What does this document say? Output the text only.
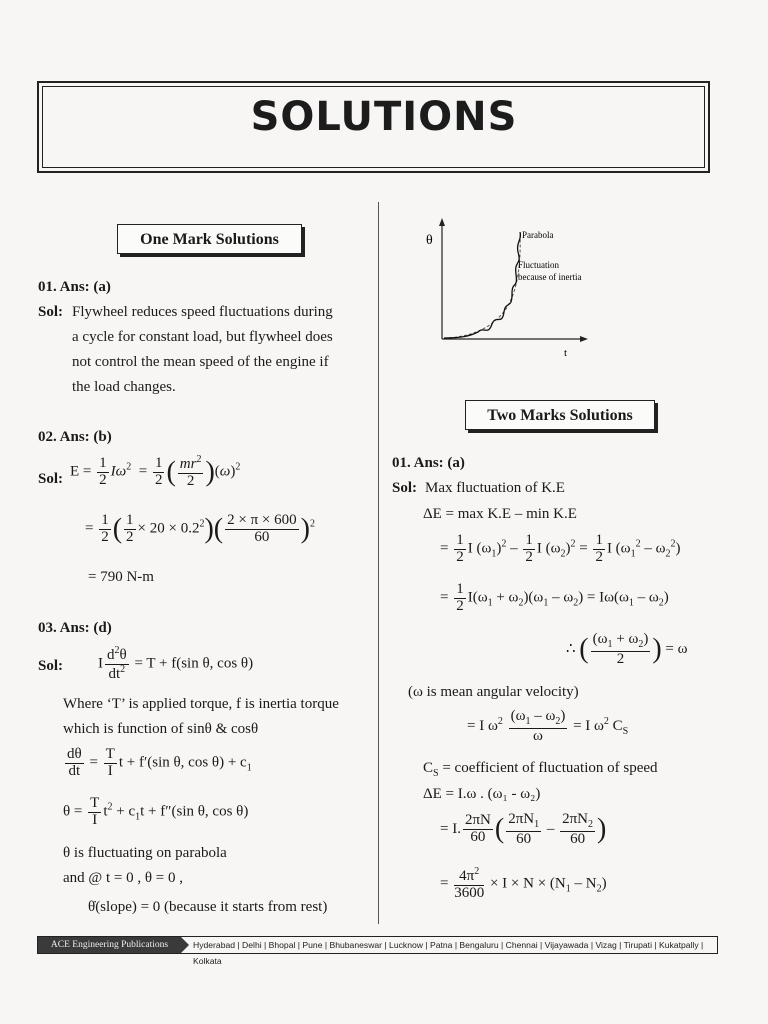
SOLUTIONS
One Mark Solutions
01. Ans: (a)
Sol: Flywheel reduces speed fluctuations during
a cycle for constant load, but flywheel does
not control the mean speed of the engine if
the load changes.
02. Ans: (b)
Sol: $E = \frac{1}{2} I\omega^2 = \frac{1}{2}$ ( $\frac{mr^2}{2} )(\omega)^2$
= $\frac{1}{2}$ ( $\frac{1}{2} \times 20 \times 0.2^2)( \frac{2 \times \pi \times 600}{60} )^2$
= 790 N-m
03. Ans: (d)
Sol: I $\frac{d^2\theta}{dt^2} = T + f(\sin$ θ, cos θ)
Where ‘T’ is applied torque, f is inertia torque
which is function of sinθ & cosθ
$\frac{d\theta}{dt} = \frac{T}{I}$ t + f′(sin θ, $\cos \theta) + c_1$
$\theta = \frac{T}{I} t^2 + c_1t + f''(\sin$ θ, cos θ)
θ is fluctuating on parabola
and @ t = 0 , θ = 0 ,
θ̇(slope) = 0 (because it starts from rest)
θ
t
Parabola
Fluctuation
because of inertia
Two Marks Solutions
01. Ans: (a)
Sol: Max fluctuation of K.E
ΔE = max K.E – min K.E
= $\frac{1}{2}$ I $(\omega_1)^2 - \frac{1}{2}$ I $(\omega_2)^2 = \frac{1}{2}$ I $(\omega_1^2 - \omega_2^2)$
= $\frac{1}{2} I(\omega_1 + \omega_2)(\omega_1 - \omega_2) = I\omega(\omega_1 - \omega_2)$
∴ ( $\frac{(\omega_1 + \omega_2)}{2}$ ) = ω
(ω is mean angular velocity)
= I $\omega^2 \frac{(\omega_1 - \omega_2)}{\omega} = I$ $\omega^2$ $C_S$
$C_S$ = coefficient of fluctuation of speed
ΔE = I.ω . (ω₁ - ω₂)
= I. $\frac{2\pi N}{60}$ ( $\frac{2\pi N_1}{60} - \frac{2\pi N_2}{60}$ )
= $\frac{4\pi^2}{3600} \times I \times N \times (N_1 - N_2)$
ACE Engineering Publications	Hyderabad | Delhi | Bhopal | Pune | Bhubaneswar | Lucknow | Patna | Bengaluru | Chennai | Vijayawada | Vizag | Tirupati | Kukatpally | Kolkata
